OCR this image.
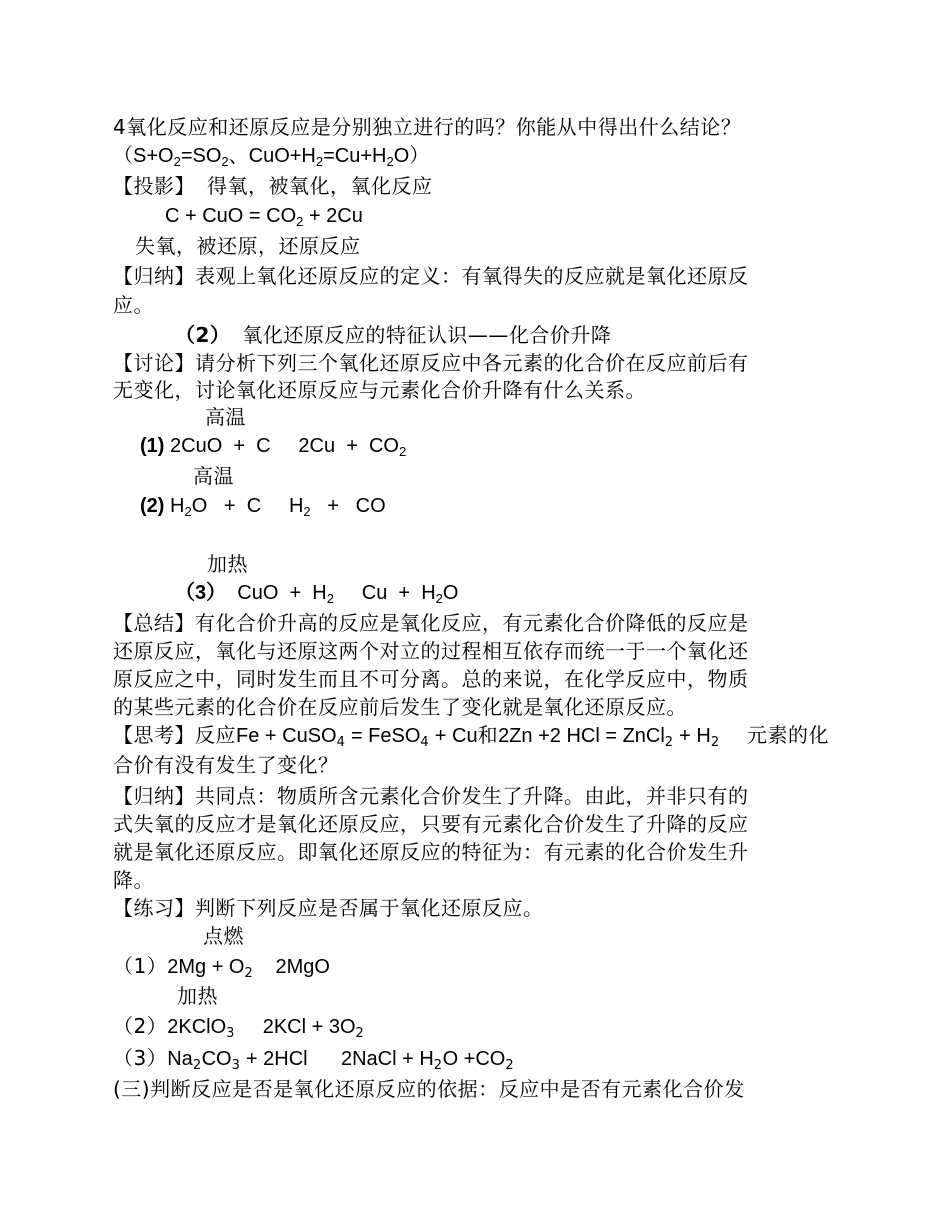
4氧化反应和还原反应是分别独立进行的吗？你能从中得出什么结论？
（$S+O_2=SO_2$、$CuO+H_2=Cu+H_2O$）
【投影】 得氧，被氧化，氧化反应
C + CuO = $CO_2 + 2Cu$
失氧，被还原，还原反应
【归纳】表观上氧化还原反应的定义：有氧得失的反应就是氧化还原反
应。
（2） 氧化还原反应的特征认识——化合价升降
【讨论】请分析下列三个氧化还原反应中各元素的化合价在反应前后有
无变化，讨论氧化还原反应与元素化合价升降有什么关系。
高温
(1) 2CuO  +  C     $2Cu + CO_2$
高温
(2) $H_2O + C$     $H_2$   +   CO
加热
（3） CuO  +  $H_2$     $Cu + H_2O$
【总结】有化合价升高的反应是氧化反应，有元素化合价降低的反应是
还原反应，氧化与还原这两个对立的过程相互依存而统一于一个氧化还
原反应之中，同时发生而且不可分离。总的来说，在化学反应中，物质
的某些元素的化合价在反应前后发生了变化就是氧化还原反应。
【思考】反应Fe + CuSO$_4$ = FeSO$_4$ + Cu和2Zn +2 HCl = ZnCl$_2$ + $H_2$    元素的化
合价有没有发生了变化？
【归纳】共同点：物质所含元素化合价发生了升降。由此，并非只有的
式失氧的反应才是氧化还原反应，只要有元素化合价发生了升降的反应
就是氧化还原反应。即氧化还原反应的特征为：有元素的化合价发生升
降。
【练习】判断下列反应是否属于氧化还原反应。
点燃
$(1)2Mg + O_2$    2MgO
加热
（2）2KClO$_3$     $2KCl + 3O_2$
$(3)Na_2CO_3 + 2HCl$      2NaCl + $H_2O +CO_2$
(三)判断反应是否是氧化还原反应的依据：反应中是否有元素化合价发
